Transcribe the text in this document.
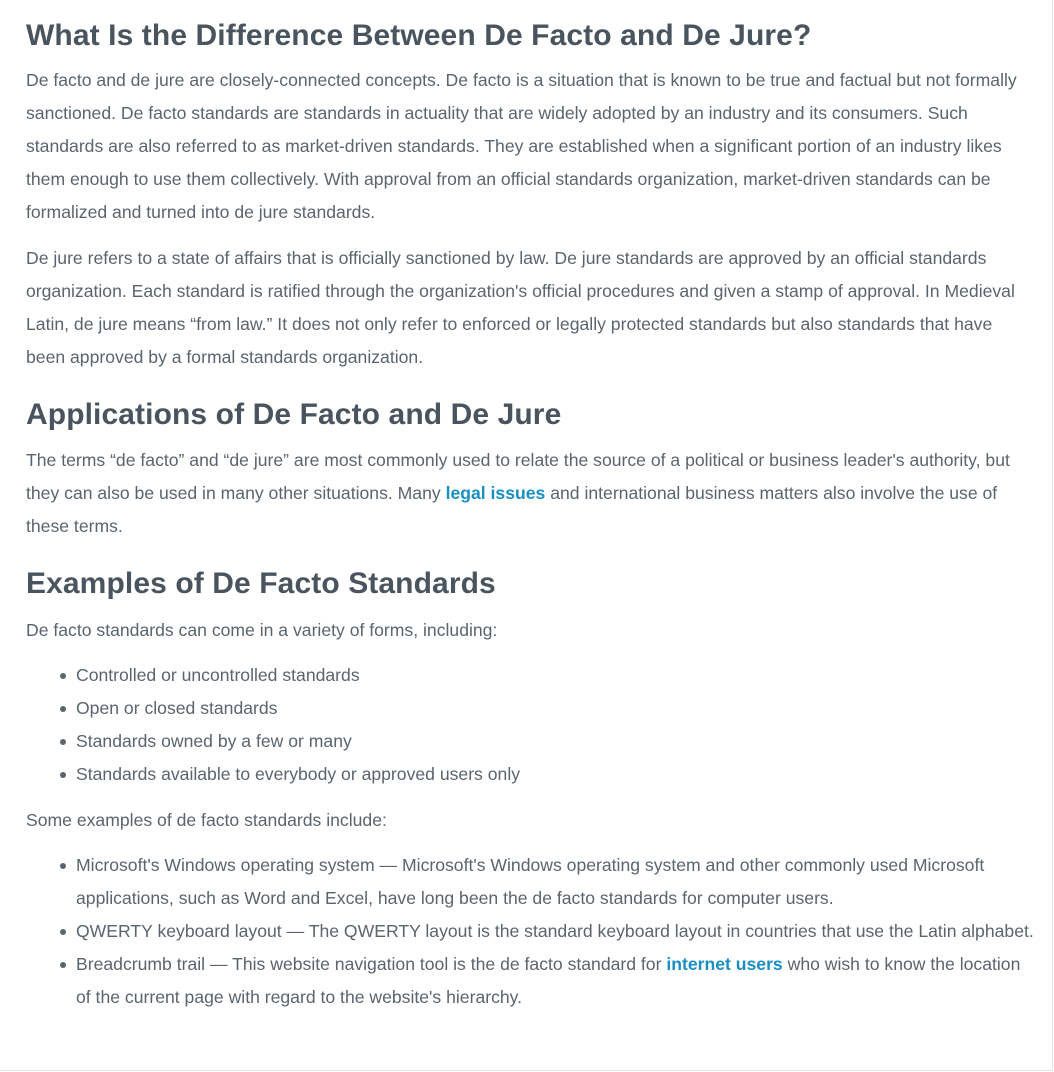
What Is the Difference Between De Facto and De Jure?

De facto and de jure are closely-connected concepts. De facto is a situation that is known to be true and factual but not formally sanctioned. De facto standards are standards in actuality that are widely adopted by an industry and its consumers. Such standards are also referred to as market-driven standards. They are established when a significant portion of an industry likes them enough to use them collectively. With approval from an official standards organization, market-driven standards can be formalized and turned into de jure standards.

De jure refers to a state of affairs that is officially sanctioned by law. De jure standards are approved by an official standards organization. Each standard is ratified through the organization's official procedures and given a stamp of approval. In Medieval Latin, de jure means “from law.” It does not only refer to enforced or legally protected standards but also standards that have been approved by a formal standards organization.

Applications of De Facto and De Jure

The terms “de facto” and “de jure” are most commonly used to relate the source of a political or business leader's authority, but they can also be used in many other situations. Many legal issues and international business matters also involve the use of these terms.

Examples of De Facto Standards

De facto standards can come in a variety of forms, including:

Controlled or uncontrolled standards
Open or closed standards
Standards owned by a few or many
Standards available to everybody or approved users only

Some examples of de facto standards include:

Microsoft's Windows operating system — Microsoft's Windows operating system and other commonly used Microsoft applications, such as Word and Excel, have long been the de facto standards for computer users.
QWERTY keyboard layout — The QWERTY layout is the standard keyboard layout in countries that use the Latin alphabet.
Breadcrumb trail — This website navigation tool is the de facto standard for internet users who wish to know the location of the current page with regard to the website's hierarchy.
